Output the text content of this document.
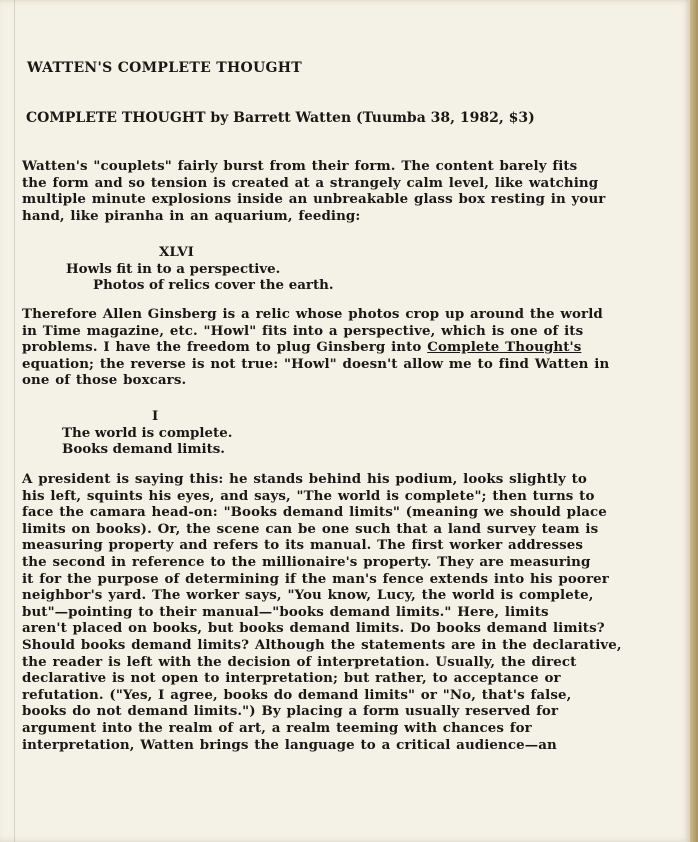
WATTEN'S COMPLETE THOUGHT
COMPLETE THOUGHT by Barrett Watten (Tuumba 38, 1982, $3)

Watten's "couplets" fairly burst from their form. The content barely fits
the form and so tension is created at a strangely calm level, like watching
multiple minute explosions inside an unbreakable glass box resting in your
hand, like piranha in an aquarium, feeding:

XLVI
Howls fit in to a perspective.
Photos of relics cover the earth.

Therefore Allen Ginsberg is a relic whose photos crop up around the world
in Time magazine, etc. "Howl" fits into a perspective, which is one of its
problems. I have the freedom to plug Ginsberg into Complete Thought's
equation; the reverse is not true: "Howl" doesn't allow me to find Watten in
one of those boxcars.

I
The world is complete.
Books demand limits.

A president is saying this: he stands behind his podium, looks slightly to
his left, squints his eyes, and says, "The world is complete"; then turns to
face the camara head-on: "Books demand limits" (meaning we should place
limits on books). Or, the scene can be one such that a land survey team is
measuring property and refers to its manual. The first worker addresses
the second in reference to the millionaire's property. They are measuring
it for the purpose of determining if the man's fence extends into his poorer
neighbor's yard. The worker says, "You know, Lucy, the world is complete,
but"—pointing to their manual—"books demand limits." Here, limits
aren't placed on books, but books demand limits. Do books demand limits?
Should books demand limits? Although the statements are in the declarative,
the reader is left with the decision of interpretation. Usually, the direct
declarative is not open to interpretation; but rather, to acceptance or
refutation. ("Yes, I agree, books do demand limits" or "No, that's false,
books do not demand limits.") By placing a form usually reserved for
argument into the realm of art, a realm teeming with chances for
interpretation, Watten brings the language to a critical audience—an
